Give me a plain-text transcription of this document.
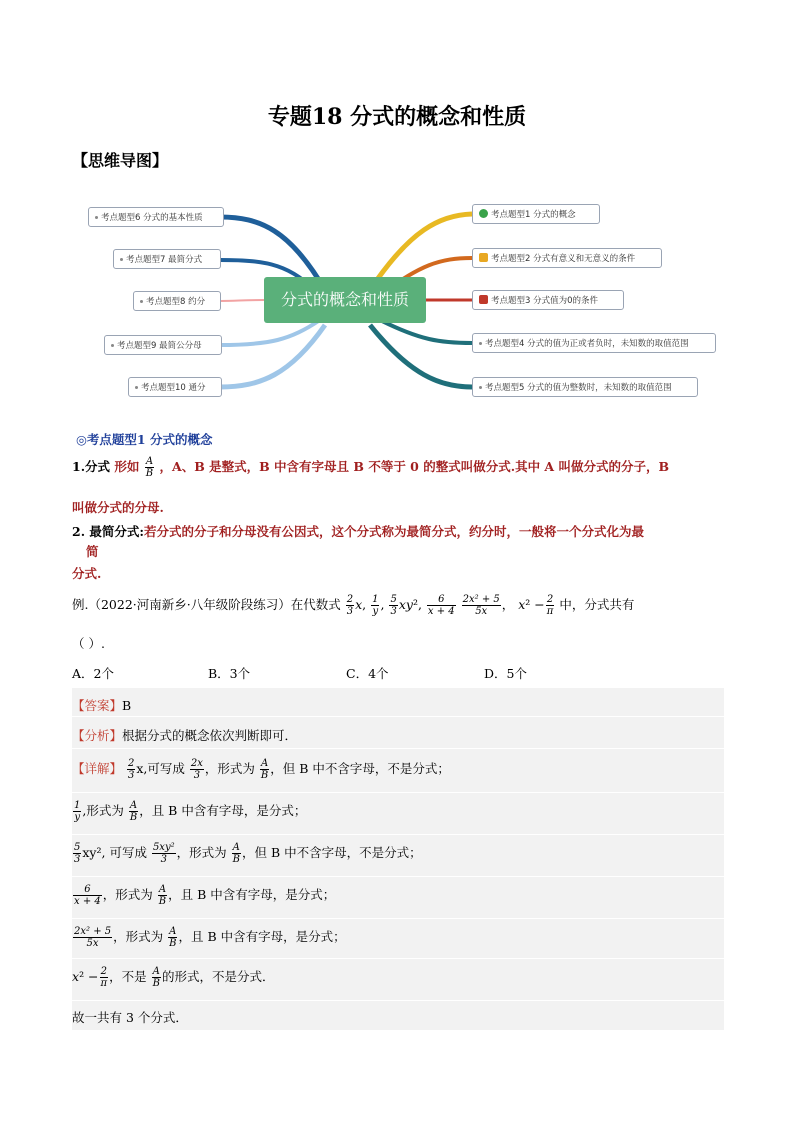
专题18 分式的概念和性质
【思维导图】
分式的概念和性质
考点题型6 分式的基本性质
考点题型7 最简分式
考点题型8 约分
考点题型9 最简公分母
考点题型10 通分
考点题型1 分式的概念
考点题型2 分式有意义和无意义的条件
考点题型3 分式值为0的条件
考点题型4 分式的值为正或者负时，未知数的取值范围
考点题型5 分式的值为整数时，未知数的取值范围
◎考点题型1 分式的概念
1.分式 形如 $\frac{A}{B}$ ，A、B 是整式，B 中含有字母且 B 不等于 0 的整式叫做分式.其中 A 叫做分式的分子，B
叫做分式的分母.
2. 最简分式:若分式的分子和分母没有公因式，这个分式称为最简分式，约分时，一般将一个分式化为最
简
分式.
例.（2022·河南新乡·八年级阶段练习）在代数式 $\frac{2}{3} x$, $\frac{1}{y}$ , $\frac{5}{3} xy^2$, $\frac{6}{x + 4}$
$\frac{\text{2x² + 5}}{5x}$ ， $x^2 - \frac{2}{\pi}$ 中，分式共有
（ ）.
A．2个	B．3个	C．4个	D．5个
【答案】B
【分析】根据分式的概念依次判断即可．
【详解】 $\frac{2}{3} x$,可写成 $\frac{2x}{3}$ ，形式为 $\frac{A}{B}$ ，但 B 中不含字母，不是分式；
$\frac{1}{y}$ ,形式为 $\frac{A}{B}$ ，且 B 中含有字母，是分式；
$\frac{5}{3} xy^2$, 可写成 $\frac{\text{5xy²}}{3}$ ，形式为 $\frac{A}{B}$ ，但 B 中不含字母，不是分式；
$\frac{6}{x + 4}$ ，形式为 $\frac{A}{B}$ ，且 B 中含有字母，是分式；
$\frac{\text{2x² + 5}}{5x}$ ，形式为 $\frac{A}{B}$ ，且 B 中含有字母，是分式；
$x^2 - \frac{2}{\pi}$ ，不是 $\frac{A}{B}$ 的形式，不是分式．
故一共有 3 个分式．
